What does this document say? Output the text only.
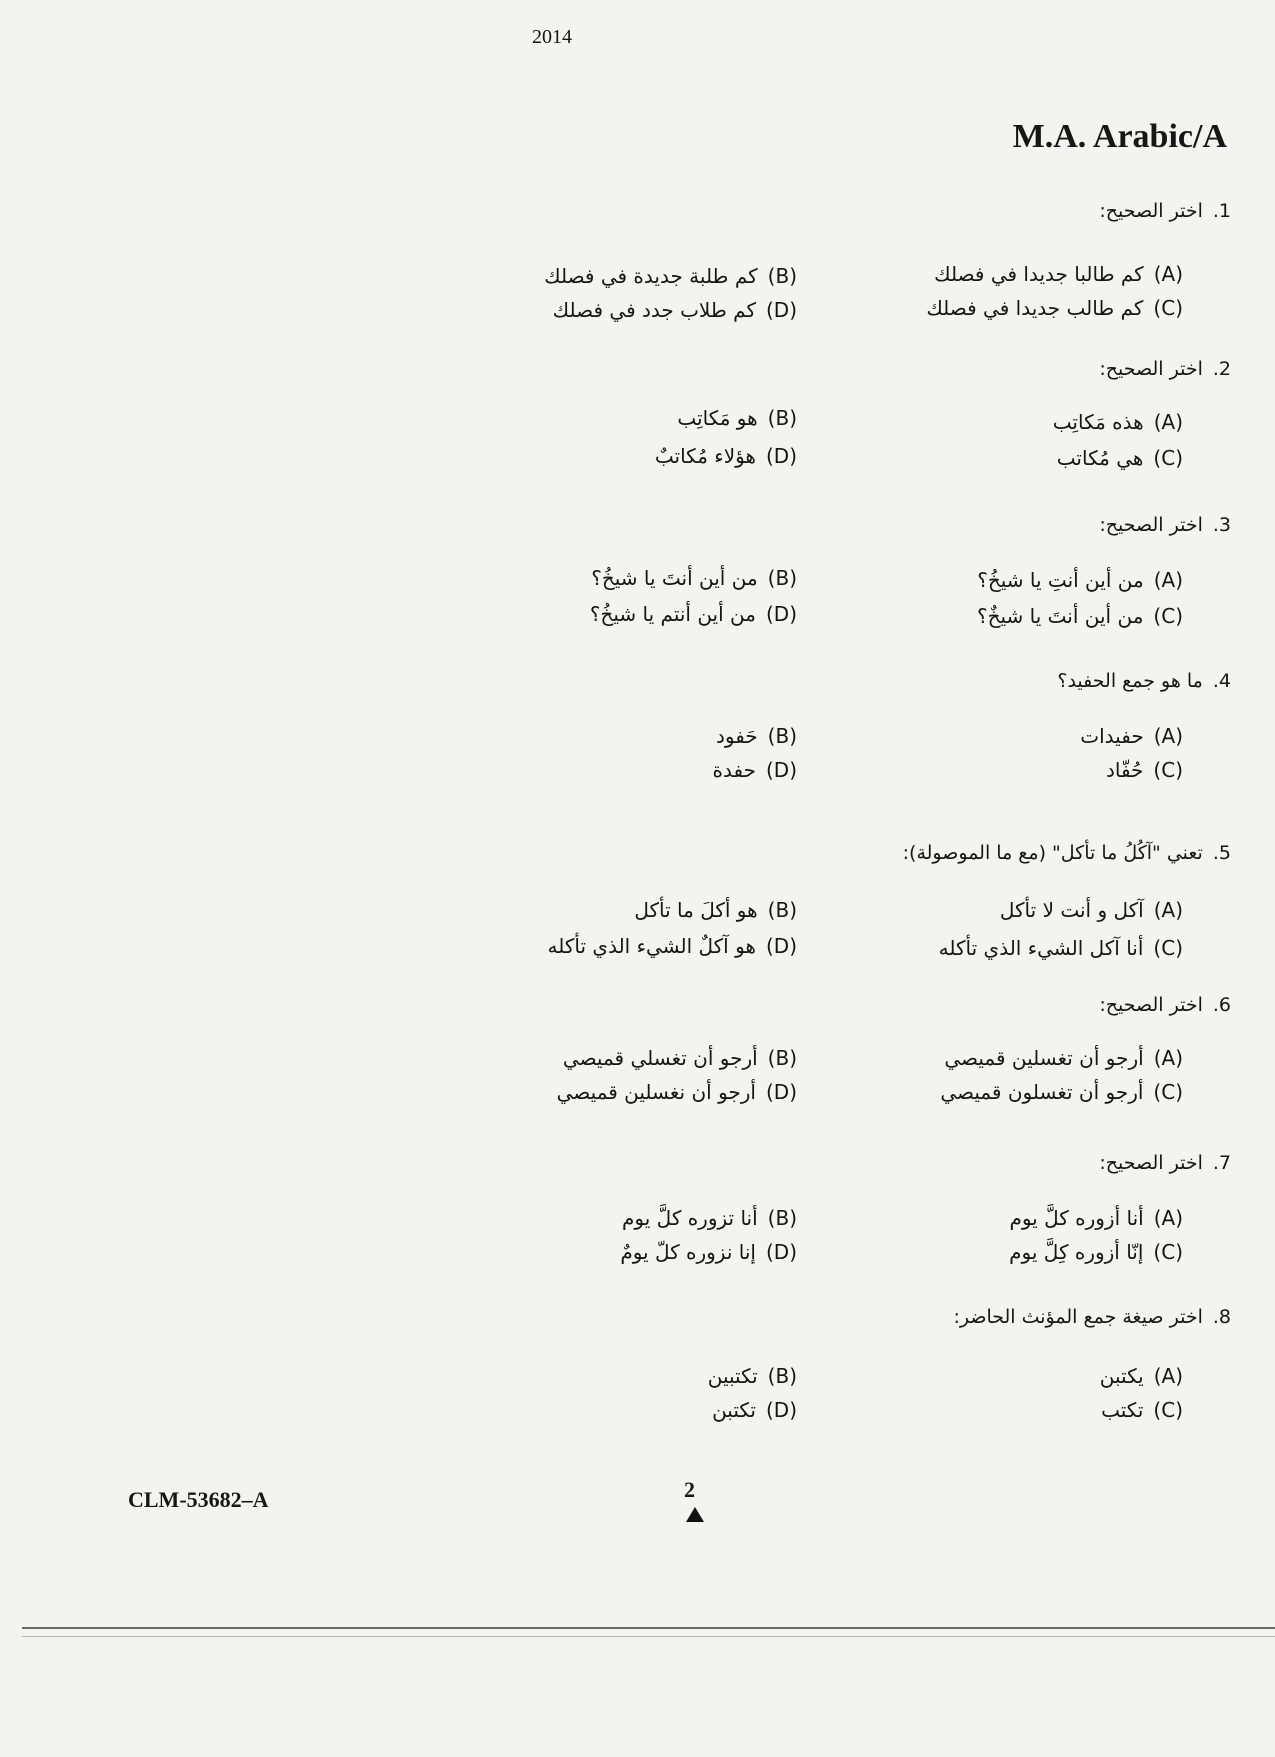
2014
M.A. Arabic/A
1.اختر الصحيح:
(A)كم طالبا جديدا في فصلك
(B)كم طلبة جديدة في فصلك
(C)كم طالب جديدا في فصلك
(D)كم طلاب جدد في فصلك
2.اختر الصحيح:
(A)هذه مَكاتِب
(B)هو مَكاتِب
(C)هي مُكاتب
(D)هؤلاء مُكاتبٌ
3.اختر الصحيح:
(A)من أين أنتِ يا شيخُ؟
(B)من أين أنتَ يا شيخُ؟
(C)من أين أنتَ يا شيخٌ؟
(D)من أين أنتم يا شيخُ؟
4.ما هو جمع الحفيد؟
(A)حفيدات
(B)حَفود
(C)حُفّاد
(D)حفدة
5.تعني "آكُلُ ما تأكل" (مع ما الموصولة):
(A)آكل و أنت لا تأكل
(B)هو أكلَ ما تأكل
(C)أنا آكل الشيء الذي تأكله
(D)هو آكلٌ الشيء الذي تأكله
6.اختر الصحيح:
(A)أرجو أن تغسلين قميصي
(B)أرجو أن تغسلي قميصي
(C)أرجو أن تغسلون قميصي
(D)أرجو أن نغسلين قميصي
7.اختر الصحيح:
(A)أنا أزوره كلَّ يوم
(B)أنا تزوره كلَّ يوم
(C)إنّا أزوره كِلَّ يوم
(D)إنا نزوره كلّ يومٌ
8.اختر صيغة جمع المؤنث الحاضر:
(A)يكتبن
(B)تكتبين
(C)تكتب
(D)تكتبن
CLM-53682–A	2
